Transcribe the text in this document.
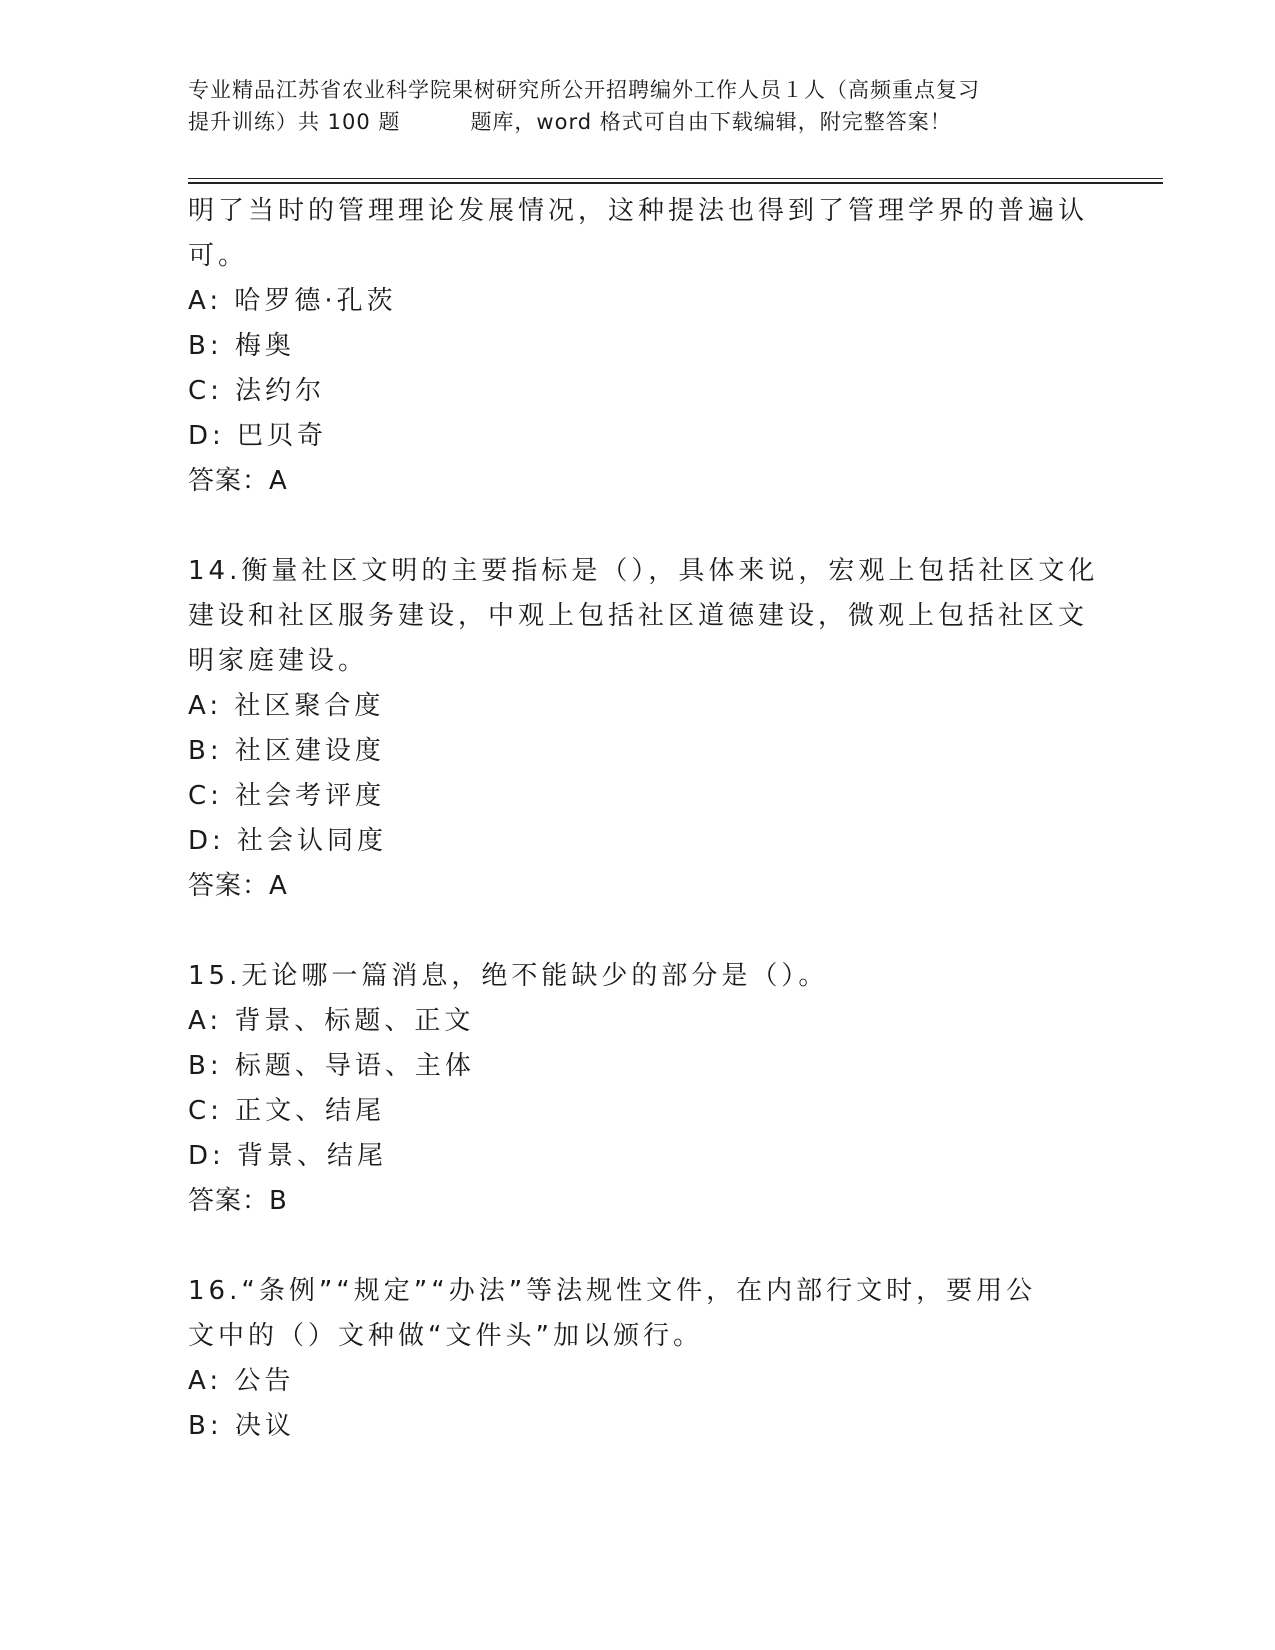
专业精品江苏省农业科学院果树研究所公开招聘编外工作人员１人（高频重点复习
提升训练）共 100 题	题库，word 格式可自由下载编辑，附完整答案！
明了当时的管理理论发展情况，这种提法也得到了管理学界的普遍认
可。
A: 哈罗德·孔茨
B: 梅奥
C: 法约尔
D: 巴贝奇
答案：A
14.衡量社区文明的主要指标是（），具体来说，宏观上包括社区文化
建设和社区服务建设，中观上包括社区道德建设，微观上包括社区文
明家庭建设。
A: 社区聚合度
B: 社区建设度
C: 社会考评度
D: 社会认同度
答案：A
15.无论哪一篇消息，绝不能缺少的部分是（）。
A: 背景、标题、正文
B: 标题、导语、主体
C: 正文、结尾
D: 背景、结尾
答案：B
16.“条例”“规定”“办法”等法规性文件，在内部行文时，要用公
文中的（）文种做“文件头”加以颁行。
A: 公告
B: 决议
